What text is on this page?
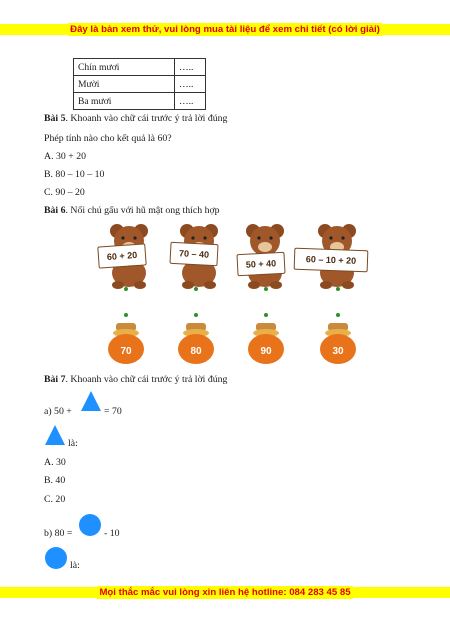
Đây là bản xem thử, vui lòng mua tài liệu để xem chi tiết (có lời giải)
Chín mươi	…..
Mười	…..
Ba mươi	…..
Bài 5. Khoanh vào chữ cái trước ý trả lời đúng
Phép tính nào cho kết quả là 60?
A. 30 + 20
B. 80 – 10 – 10
C. 90 – 20
Bài 6. Nối chú gấu với hũ mật ong thích hợp
60 + 20	70 – 40
50 + 40	60 – 10 + 20
70	80	90	30
Bài 7. Khoanh vào chữ cái trước ý trả lời đúng
a) 50 +	= 70
là:
A. 30
B. 40
C. 20
b) 80 =	- 10
là:
Mọi thắc mắc vui lòng xin liên hệ hotline: 084 283 45 85
